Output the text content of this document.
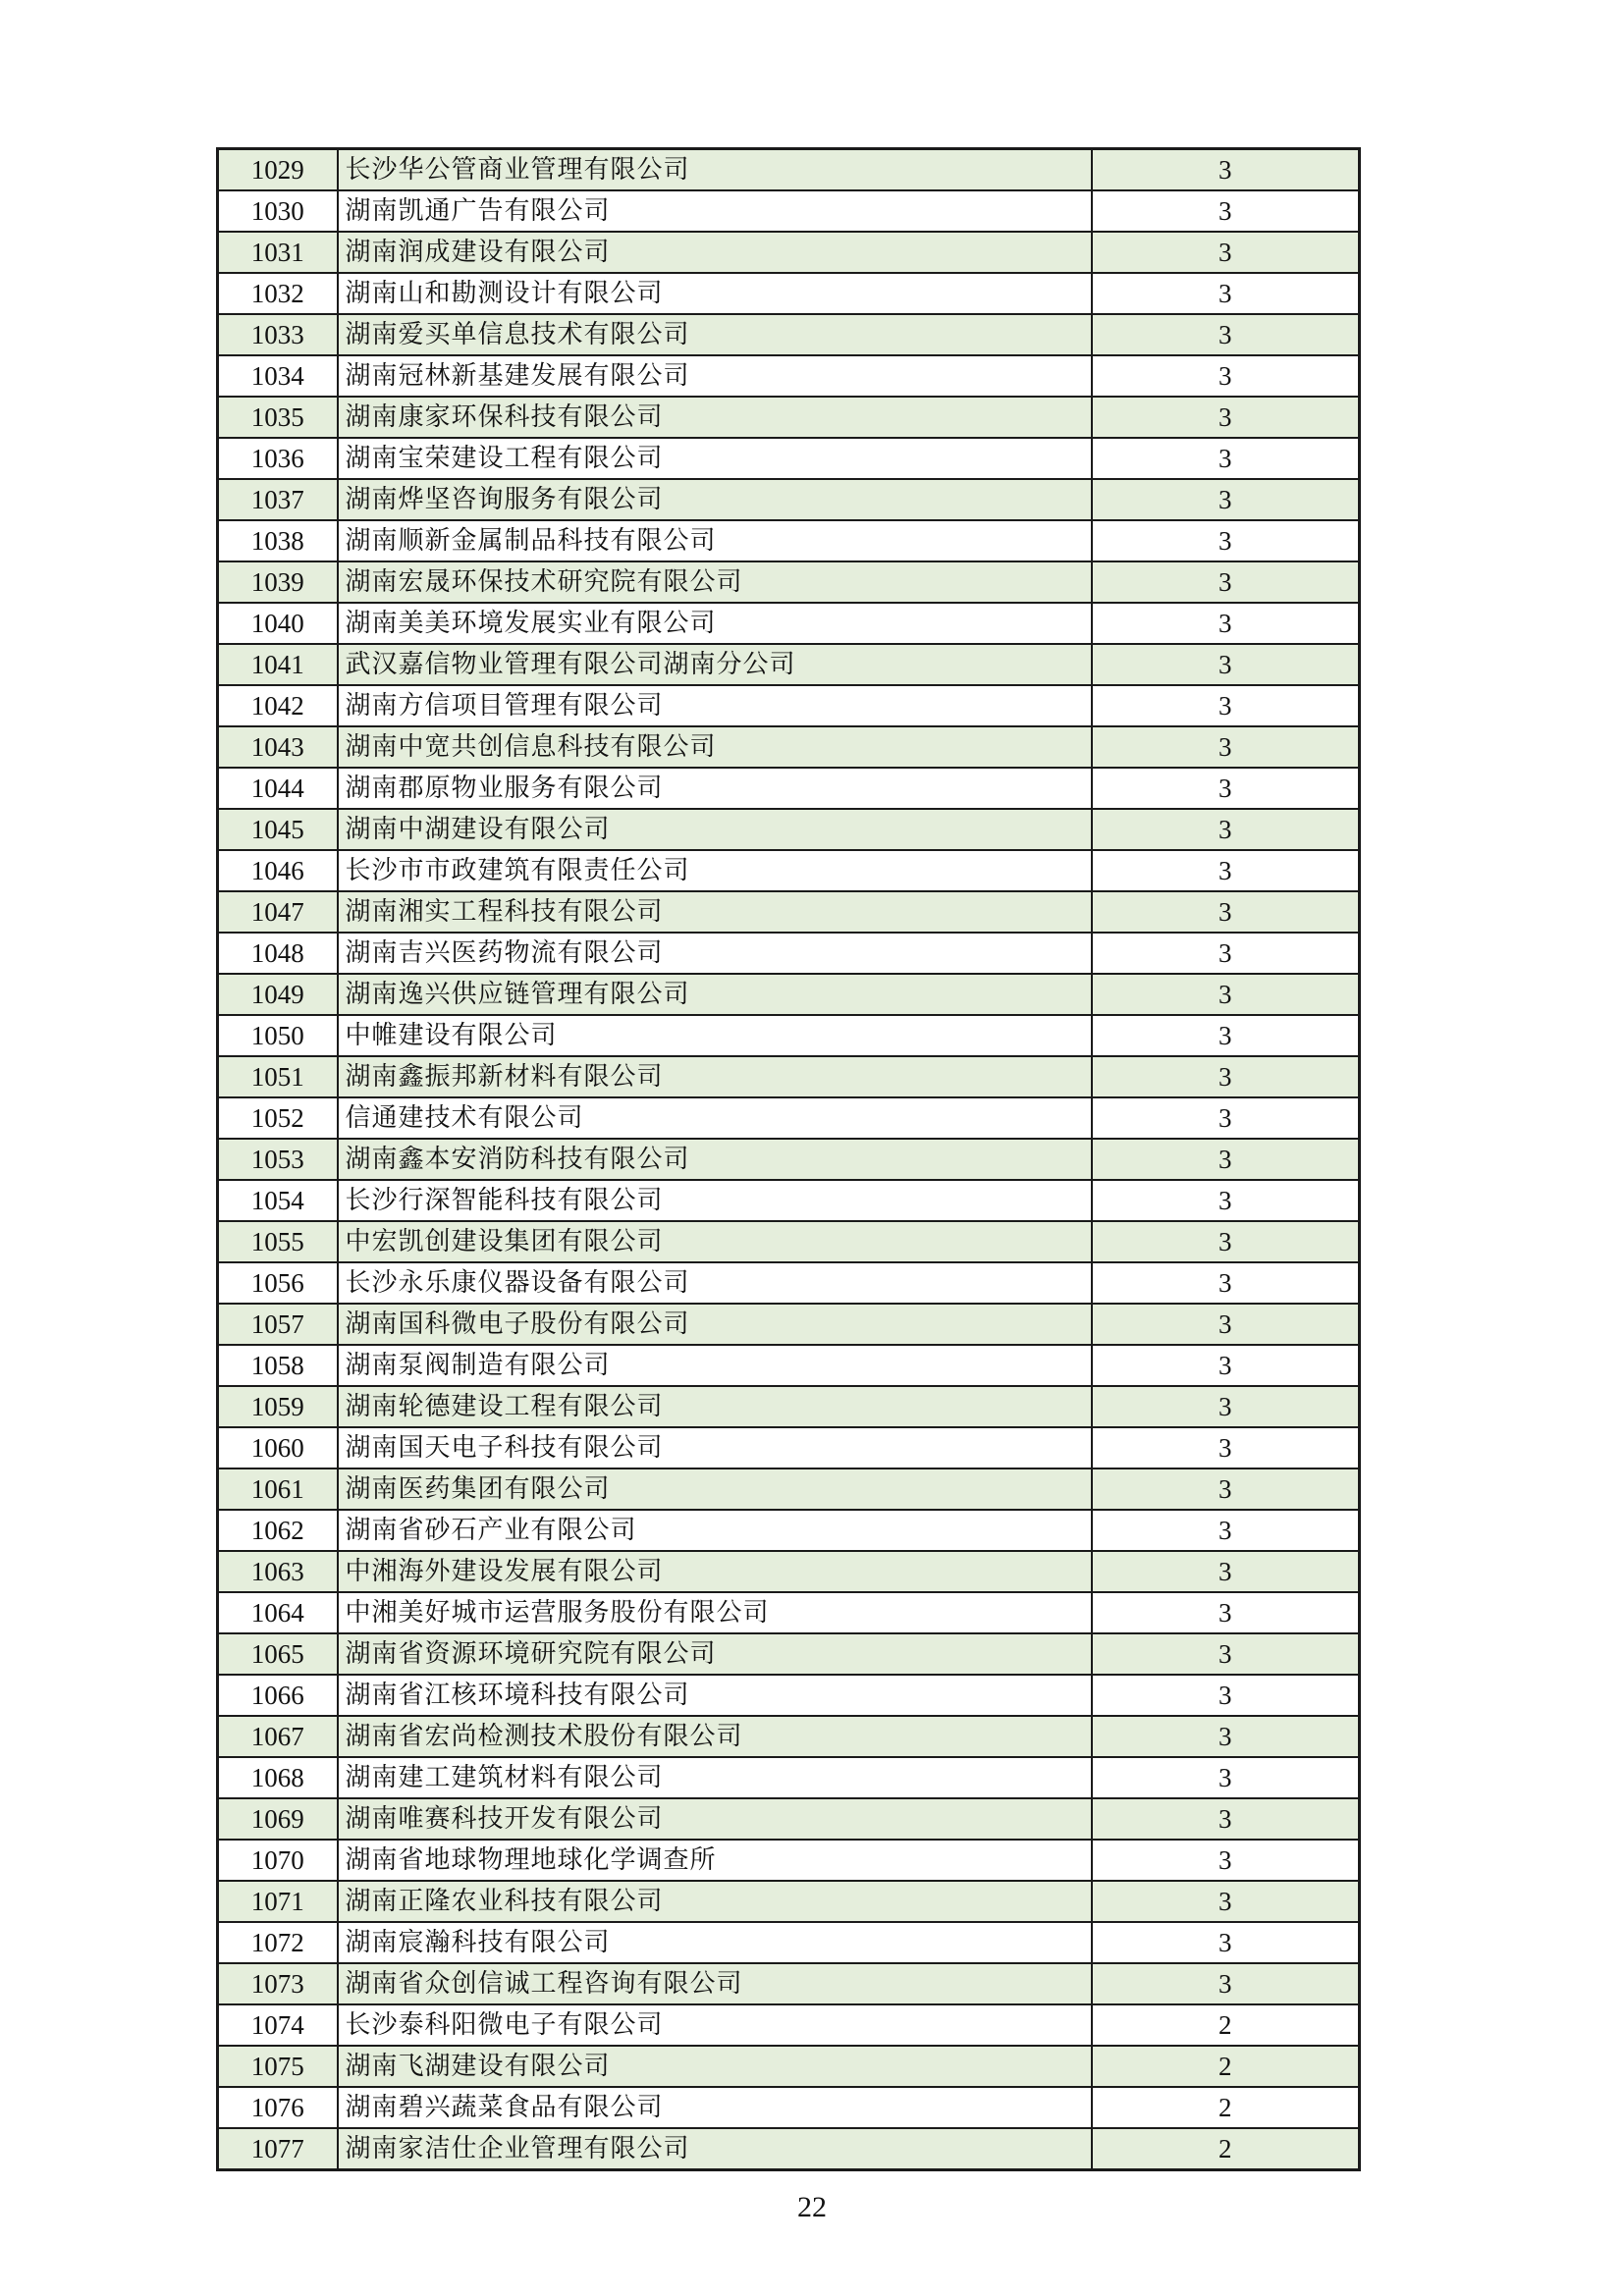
1029	长沙华公管商业管理有限公司	3
1030	湖南凯通广告有限公司	3
1031	湖南润成建设有限公司	3
1032	湖南山和勘测设计有限公司	3
1033	湖南爱买单信息技术有限公司	3
1034	湖南冠林新基建发展有限公司	3
1035	湖南康家环保科技有限公司	3
1036	湖南宝荣建设工程有限公司	3
1037	湖南烨坚咨询服务有限公司	3
1038	湖南顺新金属制品科技有限公司	3
1039	湖南宏晟环保技术研究院有限公司	3
1040	湖南美美环境发展实业有限公司	3
1041	武汉嘉信物业管理有限公司湖南分公司	3
1042	湖南方信项目管理有限公司	3
1043	湖南中宽共创信息科技有限公司	3
1044	湖南郡原物业服务有限公司	3
1045	湖南中湖建设有限公司	3
1046	长沙市市政建筑有限责任公司	3
1047	湖南湘实工程科技有限公司	3
1048	湖南吉兴医药物流有限公司	3
1049	湖南逸兴供应链管理有限公司	3
1050	中帷建设有限公司	3
1051	湖南鑫振邦新材料有限公司	3
1052	信通建技术有限公司	3
1053	湖南鑫本安消防科技有限公司	3
1054	长沙行深智能科技有限公司	3
1055	中宏凯创建设集团有限公司	3
1056	长沙永乐康仪器设备有限公司	3
1057	湖南国科微电子股份有限公司	3
1058	湖南泵阀制造有限公司	3
1059	湖南轮德建设工程有限公司	3
1060	湖南国天电子科技有限公司	3
1061	湖南医药集团有限公司	3
1062	湖南省砂石产业有限公司	3
1063	中湘海外建设发展有限公司	3
1064	中湘美好城市运营服务股份有限公司	3
1065	湖南省资源环境研究院有限公司	3
1066	湖南省江核环境科技有限公司	3
1067	湖南省宏尚检测技术股份有限公司	3
1068	湖南建工建筑材料有限公司	3
1069	湖南唯赛科技开发有限公司	3
1070	湖南省地球物理地球化学调查所	3
1071	湖南正隆农业科技有限公司	3
1072	湖南宸瀚科技有限公司	3
1073	湖南省众创信诚工程咨询有限公司	3
1074	长沙泰科阳微电子有限公司	2
1075	湖南飞湖建设有限公司	2
1076	湖南碧兴蔬菜食品有限公司	2
1077	湖南家洁仕企业管理有限公司	2
22
